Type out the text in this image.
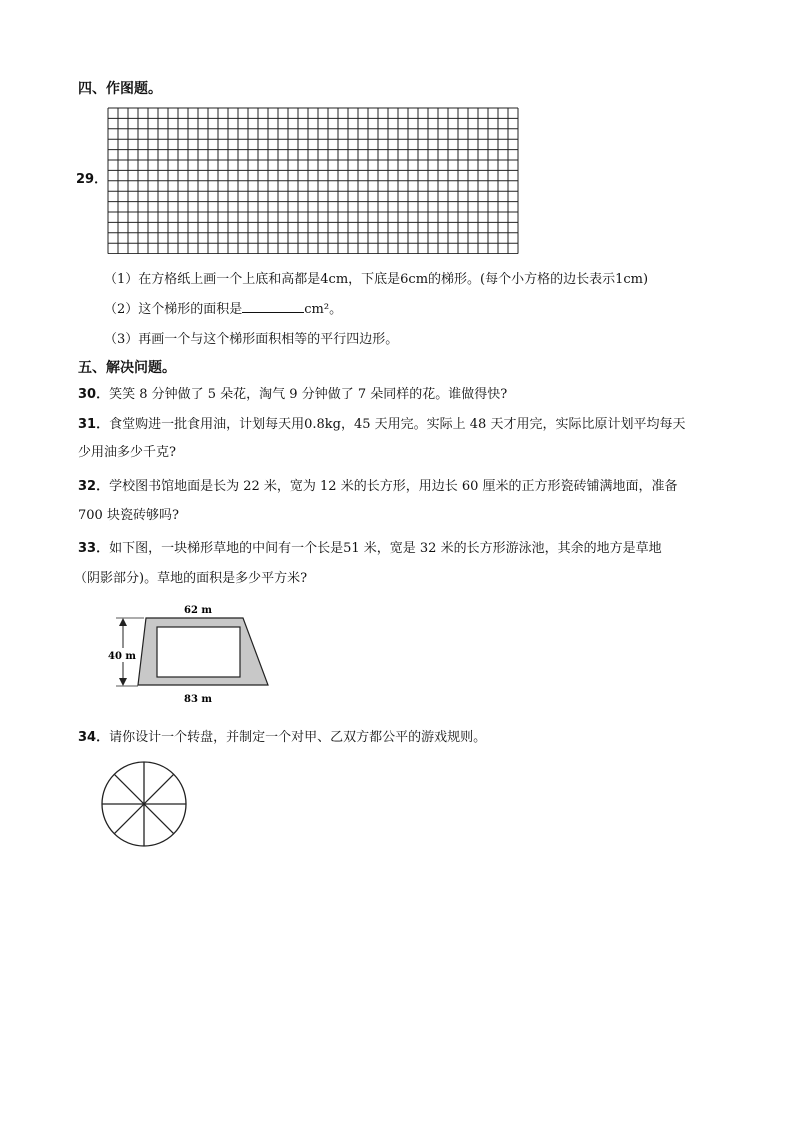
四、作图题。
29．
（1）在方格纸上画一个上底和高都是4cm，下底是6cm的梯形。(每个小方格的边长表示1cm)
（2）这个梯形的面积是	cm²。
（3）再画一个与这个梯形面积相等的平行四边形。
五、解决问题。
30．笑笑 8 分钟做了 5 朵花，淘气 9 分钟做了 7 朵同样的花。谁做得快?
31．食堂购进一批食用油，计划每天用0.8kg，45 天用完。实际上 48 天才用完，实际比原计划平均每天
少用油多少千克?
32．学校图书馆地面是长为 22 米，宽为 12 米的长方形，用边长 60 厘米的正方形瓷砖铺满地面，准备
700 块瓷砖够吗?
33．如下图，一块梯形草地的中间有一个长是51 米，宽是 32 米的长方形游泳池，其余的地方是草地
（阴影部分)。草地的面积是多少平方米?
40 m
62 m
83 m
34．请你设计一个转盘，并制定一个对甲、乙双方都公平的游戏规则。
